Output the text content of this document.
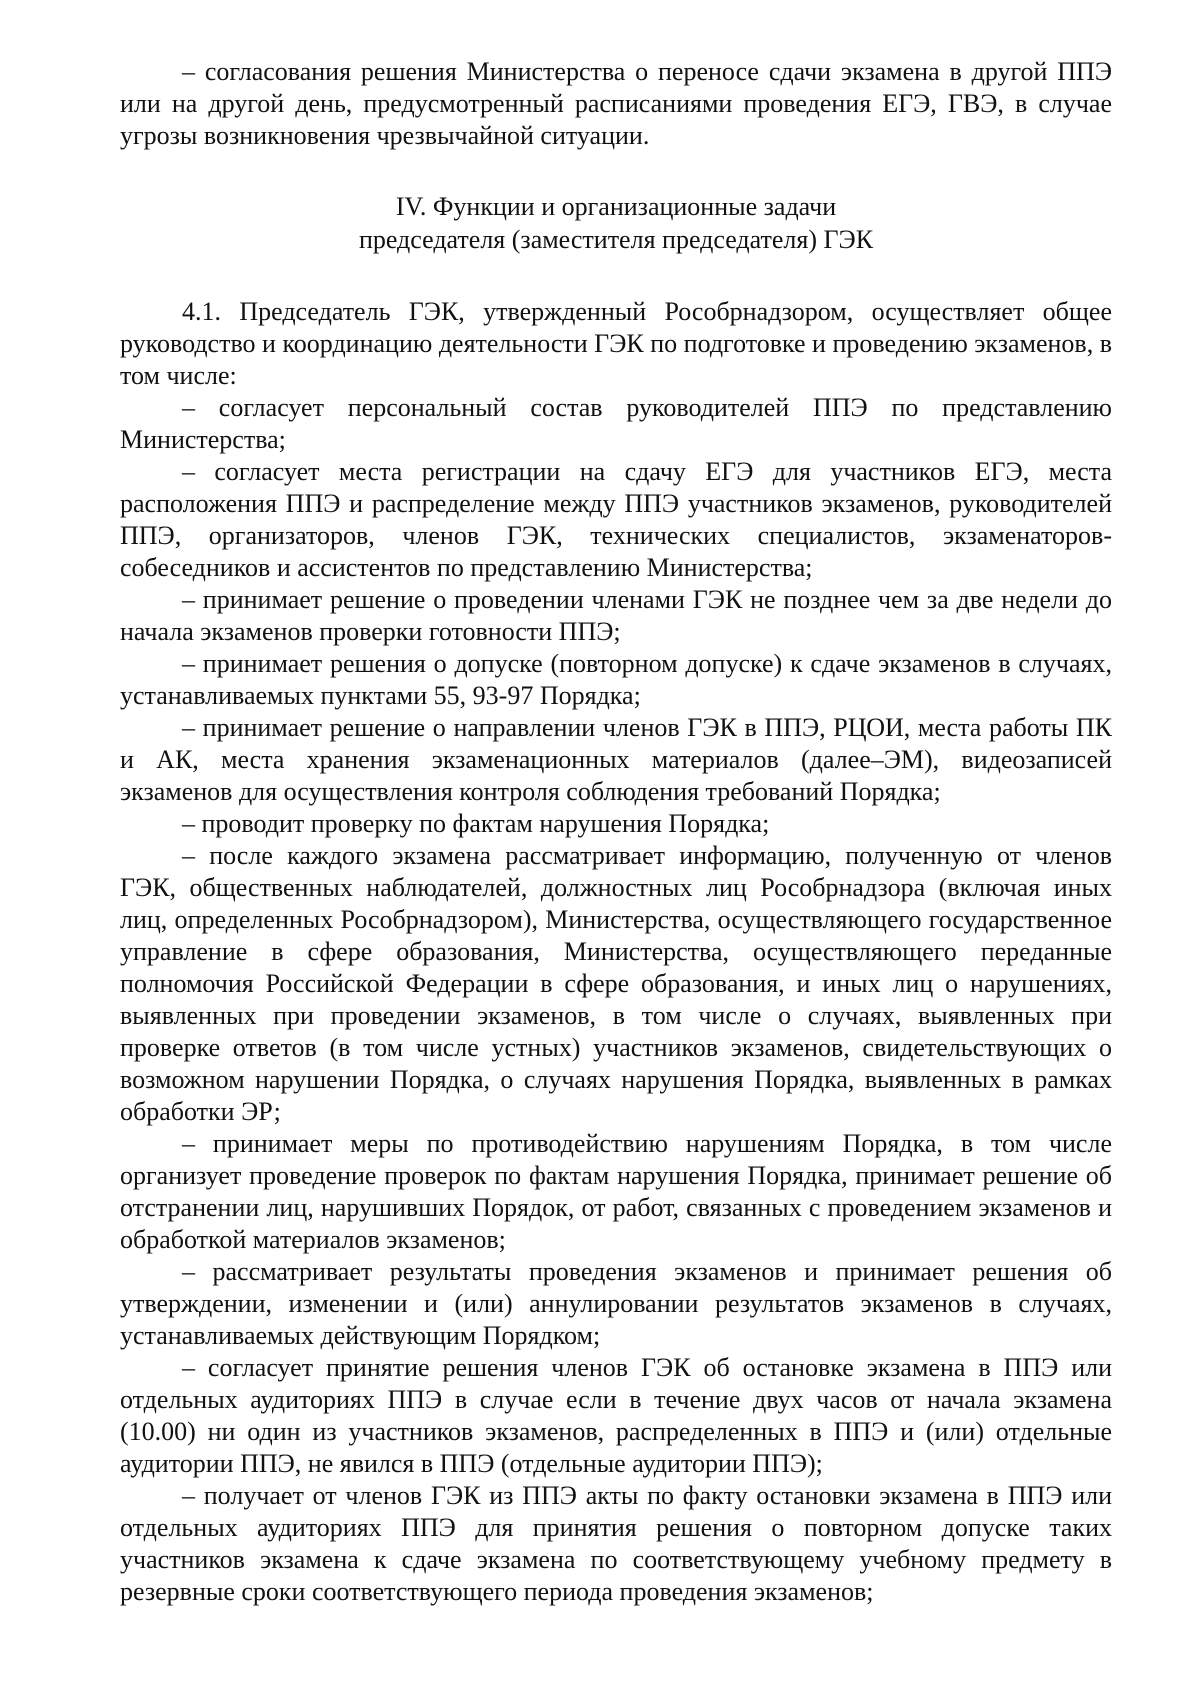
– согласования решения Министерства о переносе сдачи экзамена в другой ППЭ или на другой день, предусмотренный расписаниями проведения ЕГЭ, ГВЭ, в случае угрозы возникновения чрезвычайной ситуации.

IV. Функции и организационные задачи
председателя (заместителя председателя) ГЭК

4.1. Председатель ГЭК, утвержденный Рособрнадзором, осуществляет общее руководство и координацию деятельности ГЭК по подготовке и проведению экзаменов, в том числе:

– согласует персональный состав руководителей ППЭ по представлению Министерства;

– согласует места регистрации на сдачу ЕГЭ для участников ЕГЭ, места расположения ППЭ и распределение между ППЭ участников экзаменов, руководителей ППЭ, организаторов, членов ГЭК, технических специалистов, экзаменаторов-собеседников и ассистентов по представлению Министерства;

– принимает решение о проведении членами ГЭК не позднее чем за две недели до начала экзаменов проверки готовности ППЭ;

– принимает решения о допуске (повторном допуске) к сдаче экзаменов в случаях, устанавливаемых пунктами 55, 93-97 Порядка;

– принимает решение о направлении членов ГЭК в ППЭ, РЦОИ, места работы ПК и АК, места хранения экзаменационных материалов (далее–ЭМ), видеозаписей экзаменов для осуществления контроля соблюдения требований Порядка;

– проводит проверку по фактам нарушения Порядка;

– после каждого экзамена рассматривает информацию, полученную от членов ГЭК, общественных наблюдателей, должностных лиц Рособрнадзора (включая иных лиц, определенных Рособрнадзором), Министерства, осуществляющего государственное управление в сфере образования, Министерства, осуществляющего переданные полномочия Российской Федерации в сфере образования, и иных лиц о нарушениях, выявленных при проведении экзаменов, в том числе о случаях, выявленных при проверке ответов (в том числе устных) участников экзаменов, свидетельствующих о возможном нарушении Порядка, о случаях нарушения Порядка, выявленных в рамках обработки ЭР;

– принимает меры по противодействию нарушениям Порядка, в том числе организует проведение проверок по фактам нарушения Порядка, принимает решение об отстранении лиц, нарушивших Порядок, от работ, связанных с проведением экзаменов и обработкой материалов экзаменов;

– рассматривает результаты проведения экзаменов и принимает решения об утверждении, изменении и (или) аннулировании результатов экзаменов в случаях, устанавливаемых действующим Порядком;

– согласует принятие решения членов ГЭК об остановке экзамена в ППЭ или отдельных аудиториях ППЭ в случае если в течение двух часов от начала экзамена (10.00) ни один из участников экзаменов, распределенных в ППЭ и (или) отдельные аудитории ППЭ, не явился в ППЭ (отдельные аудитории ППЭ);

– получает от членов ГЭК из ППЭ акты по факту остановки экзамена в ППЭ или отдельных аудиториях ППЭ для принятия решения о повторном допуске таких участников экзамена к сдаче экзамена по соответствующему учебному предмету в резервные сроки соответствующего периода проведения экзаменов;
